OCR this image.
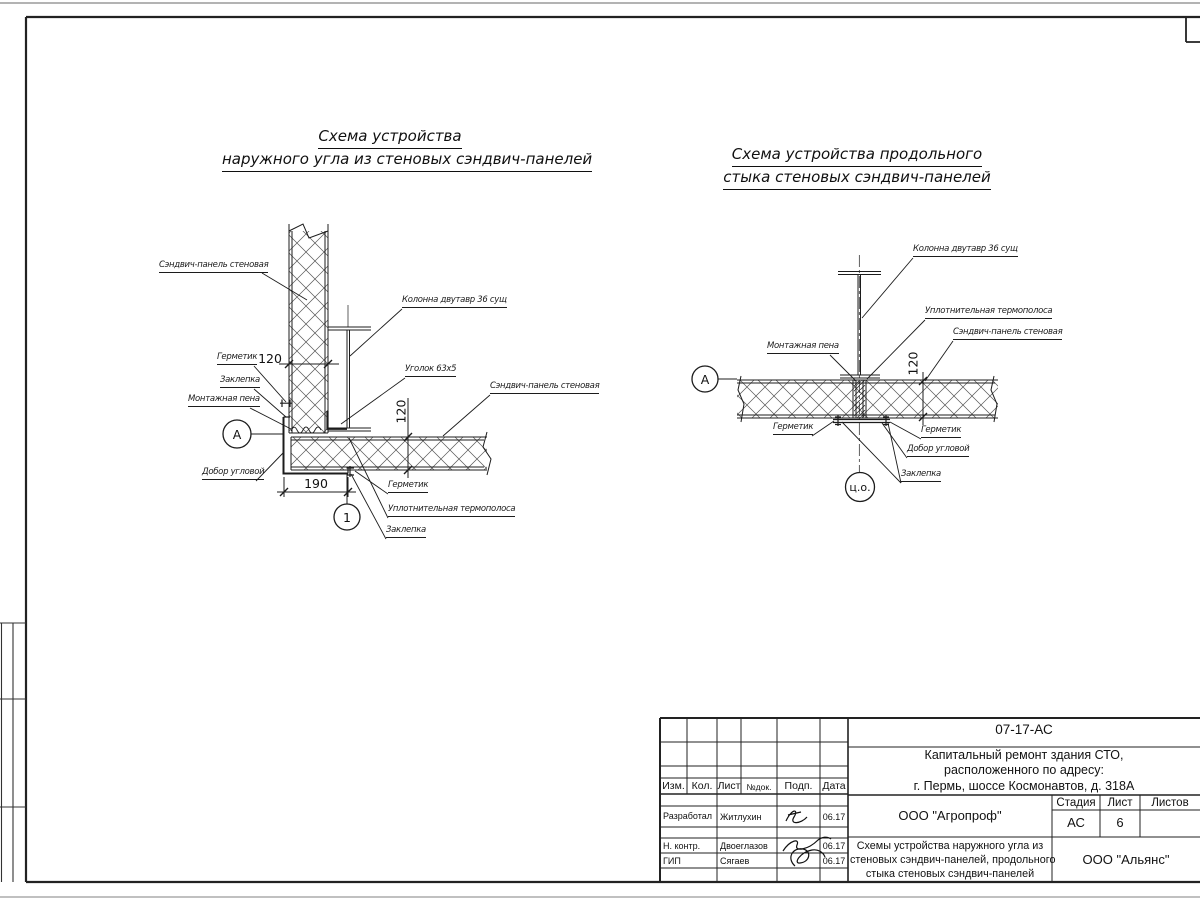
Схема устройства
наружного угла из стеновых сэндвич-панелей	Схема устройства продольного
стыка стеновых сэндвич-панелей
Сэндвич-панель стеновая
Колонна двутавр 36 сущ
Герметик
Заклепка
Монтажная пена
Добор угловой
Уголок 63х5
Сэндвич-панель стеновая
Герметик
Уплотнительная термополоса
Заклепка
120
120
190
А
1
Колонна двутавр 36 сущ
Уплотнительная термополоса
Сэндвич-панель стеновая
Монтажная пена
Герметик	Герметик
Добор угловой
Заклепка
120
А
ц.о.
07-17-АС
Капитальный ремонт здания СТО,
расположенного по адресу:
г. Пермь, шоссе Космонавтов, д. 318А
Изм. Кол. Лист №док.	Подп. Дата
Разработал Житлухин	06.17
Н. контр. Двоеглазов	06.17
ГИП	Сягаев	06.17
ООО "Агропроф"
Стадия	Лист	Листов
АС	6
Схемы устройства наружного угла из
стеновых сэндвич-панелей, продольного
стыка стеновых сэндвич-панелей
ООО "Альянс"
